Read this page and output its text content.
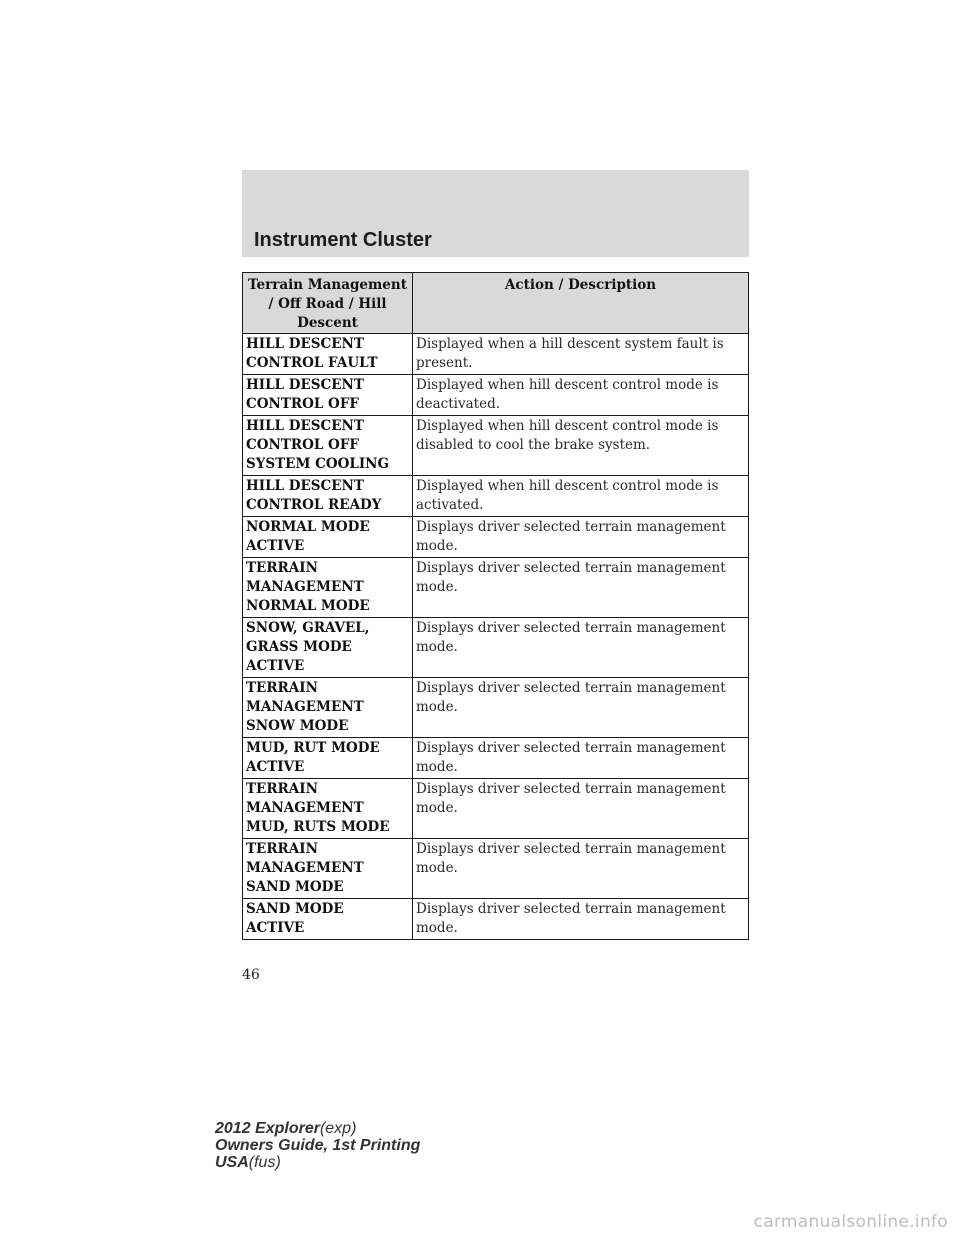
Instrument Cluster
Terrain Management / Off Road / Hill Descent	Action / Description
HILL DESCENT
CONTROL FAULT	Displayed when a hill descent system fault is present.
HILL DESCENT
CONTROL OFF	Displayed when hill descent control mode is deactivated.
HILL DESCENT
CONTROL OFF
SYSTEM COOLING	Displayed when hill descent control mode is disabled to cool the brake system.
HILL DESCENT
CONTROL READY	Displayed when hill descent control mode is activated.
NORMAL MODE
ACTIVE	Displays driver selected terrain management mode.
TERRAIN
MANAGEMENT
NORMAL MODE	Displays driver selected terrain management mode.
SNOW, GRAVEL,
GRASS MODE
ACTIVE	Displays driver selected terrain management mode.
TERRAIN
MANAGEMENT
SNOW MODE	Displays driver selected terrain management mode.
MUD, RUT MODE
ACTIVE	Displays driver selected terrain management mode.
TERRAIN
MANAGEMENT
MUD, RUTS MODE	Displays driver selected terrain management mode.
TERRAIN
MANAGEMENT
SAND MODE	Displays driver selected terrain management mode.
SAND MODE
ACTIVE	Displays driver selected terrain management mode.
46
2012 Explorer(exp)
Owners Guide, 1st Printing
USA(fus)
carmanualsonline.info
